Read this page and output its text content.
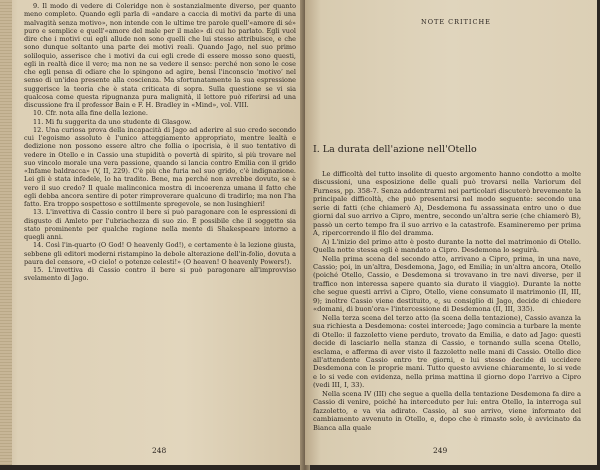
9. Il modo di vedere di Coleridge non è sostanzialmente diverso, per quanto meno completo. Quando egli parla di «andare a caccia di motivi da parte di una malvagità senza motivo», non intende con le ultime tre parole quell'«amore di sé» puro e semplice e quell'«amore del male per il male» di cui ho parlato. Egli vuol dire che i motivi cui egli allude non sono quelli che lui stesso attribuisce, e che sono dunque soltanto una parte dei motivi reali. Quando Jago, nel suo primo soliloquio, asserisce che i motivi da cui egli crede di essere mosso sono questi, egli in realtà dice il vero; ma non ne sa vedere il senso: perché non sono le cose che egli pensa di odiare che lo spingono ad agire, bensì l'inconscio ‘motivo’ nel senso di un'idea presente alla coscienza. Ma sfortunatamente la sua espressione suggerisce la teoria che è stata criticata di sopra. Sulla questione se vi sia qualcosa come questa ripugnanza pura malignità, il lettore può riferirsi ad una discussione fra il professor Bain e F. H. Bradley in «Mind», vol. VIII.

10. Cfr. nota alla fine della lezione.

11. Mi fu suggerita da uno studente di Glasgow.

12. Una curiosa prova della incapacità di Jago ad aderire al suo credo secondo cui l'egoismo assoluto è l'unico atteggiamento appropriato, mentre lealtà e dedizione non possono essere altro che follia o ipocrisia, è il suo tentativo di vedere in Otello e in Cassio una stupidità o povertà di spirito, sì più trovare nel suo vincolo morale una vera passione, quando si lancia contro Emilia con il grido «Infame baldracca» (V, II, 229). C'è più che furia nel suo grido, c'è indignazione. Lei gli è stata infedele, lo ha tradito. Bene, ma perché non avrebbe dovuto, se è vero il suo credo? Il quale malinconica mostra di incoerenza umana il fatto che egli debba ancora sentire di poter rimproverare qualcuno di tradirlo; ma non l'ha fatto. Era troppo sospettoso e sottilmente spregevole, se non lusinghieri!

13. L'invettiva di Cassio contro il bere si può paragonare con le espressioni di disgusto di Amleto per l'ubriachezza di suo zio. È possibile che il soggetto sia stato prominente per qualche ragione nella mente di Shakespeare intorno a quegli anni.

14. Così l'in-quarto (O God! O heavenly God!), e certamente è la lezione giusta, sebbene gli editori moderni ristampino la debole alterazione dell'in-folio, dovuta a paura del censore, «O cielo! o potenze celesti!» (O heaven! O heavenly Powers!).

15. L'invettiva di Cassio contro il bere si può paragonare all'improvviso svelamento di Jago.

248
NOTE CRITICHE
I. La durata dell'azione nell'Otello

Le difficoltà del tutto insolite di questo argomento hanno condotto a molte discussioni, una esposizione delle quali può trovarsi nella Variorum del Furness, pp. 358-7. Senza addentrarmi nei particolari discuterò brevemente la principale difficoltà, che può presentarsi nel modo seguente: secondo una serie di fatti (che chiamerò A), Desdemona fu assassinata entro uno o due giorni dal suo arrivo a Cipro, mentre, secondo un'altra serie (che chiamerò B), passò un certo tempo fra il suo arrivo e la catastrofe. Esamineremo per prima A, ripercorrendo il filo del dramma.

A) L'inizio del primo atto è posto durante la notte del matrimonio di Otello. Quella notte stessa egli è mandato a Cipro. Desdemona lo seguirà.

Nella prima scena del secondo atto, arrivano a Cipro, prima, in una nave, Cassio; poi, in un'altra, Desdemona, Jago, ed Emilia; in un'altra ancora, Otello (poiché Otello, Cassio, e Desdemona si trovavano in tre navi diverse, per il traffico non interessa sapere quanto sia durato il viaggio). Durante la notte che segue questi arrivi a Cipro, Otello, viene consumato il matrimonio (II, III, 9); inoltre Cassio viene destituito, e, su consiglio di Jago, decide di chiedere «domani, di buon'ora» l'intercessione di Desdemona (II, III, 335).

Nella terza scena del terzo atto (la scena della tentazione), Cassio avanza la sua richiesta a Desdemona: costei intercede; Jago comincia a turbare la mente di Otello: il fazzoletto viene perduto, trovato da Emilia, e dato ad Jago: questi decide di lasciarlo nella stanza di Cassio, e tornando sulla scena Otello, esclama, e afferma di aver visto il fazzoletto nelle mani di Cassio. Otello dice all'attendente Cassio entro tre giorni, e lui stesso decide di uccidere Desdemona con le proprie mani. Tutto questo avviene chiaramente, lo si vede e lo si vede con evidenza, nella prima mattina il giorno dopo l'arrivo a Cipro (vedi III, I, 33).

Nella scena IV (III) che segue a quella della tentazione Desdemona fa dire a Cassio di venire, poiché ha interceduto per lui: entra Otello, la interroga sul fazzoletto, e va via adirato. Cassio, al suo arrivo, viene informato del cambiamento avvenuto in Otello, e, dopo che è rimasto solo, è avvicinato da Bianca alla quale

249
